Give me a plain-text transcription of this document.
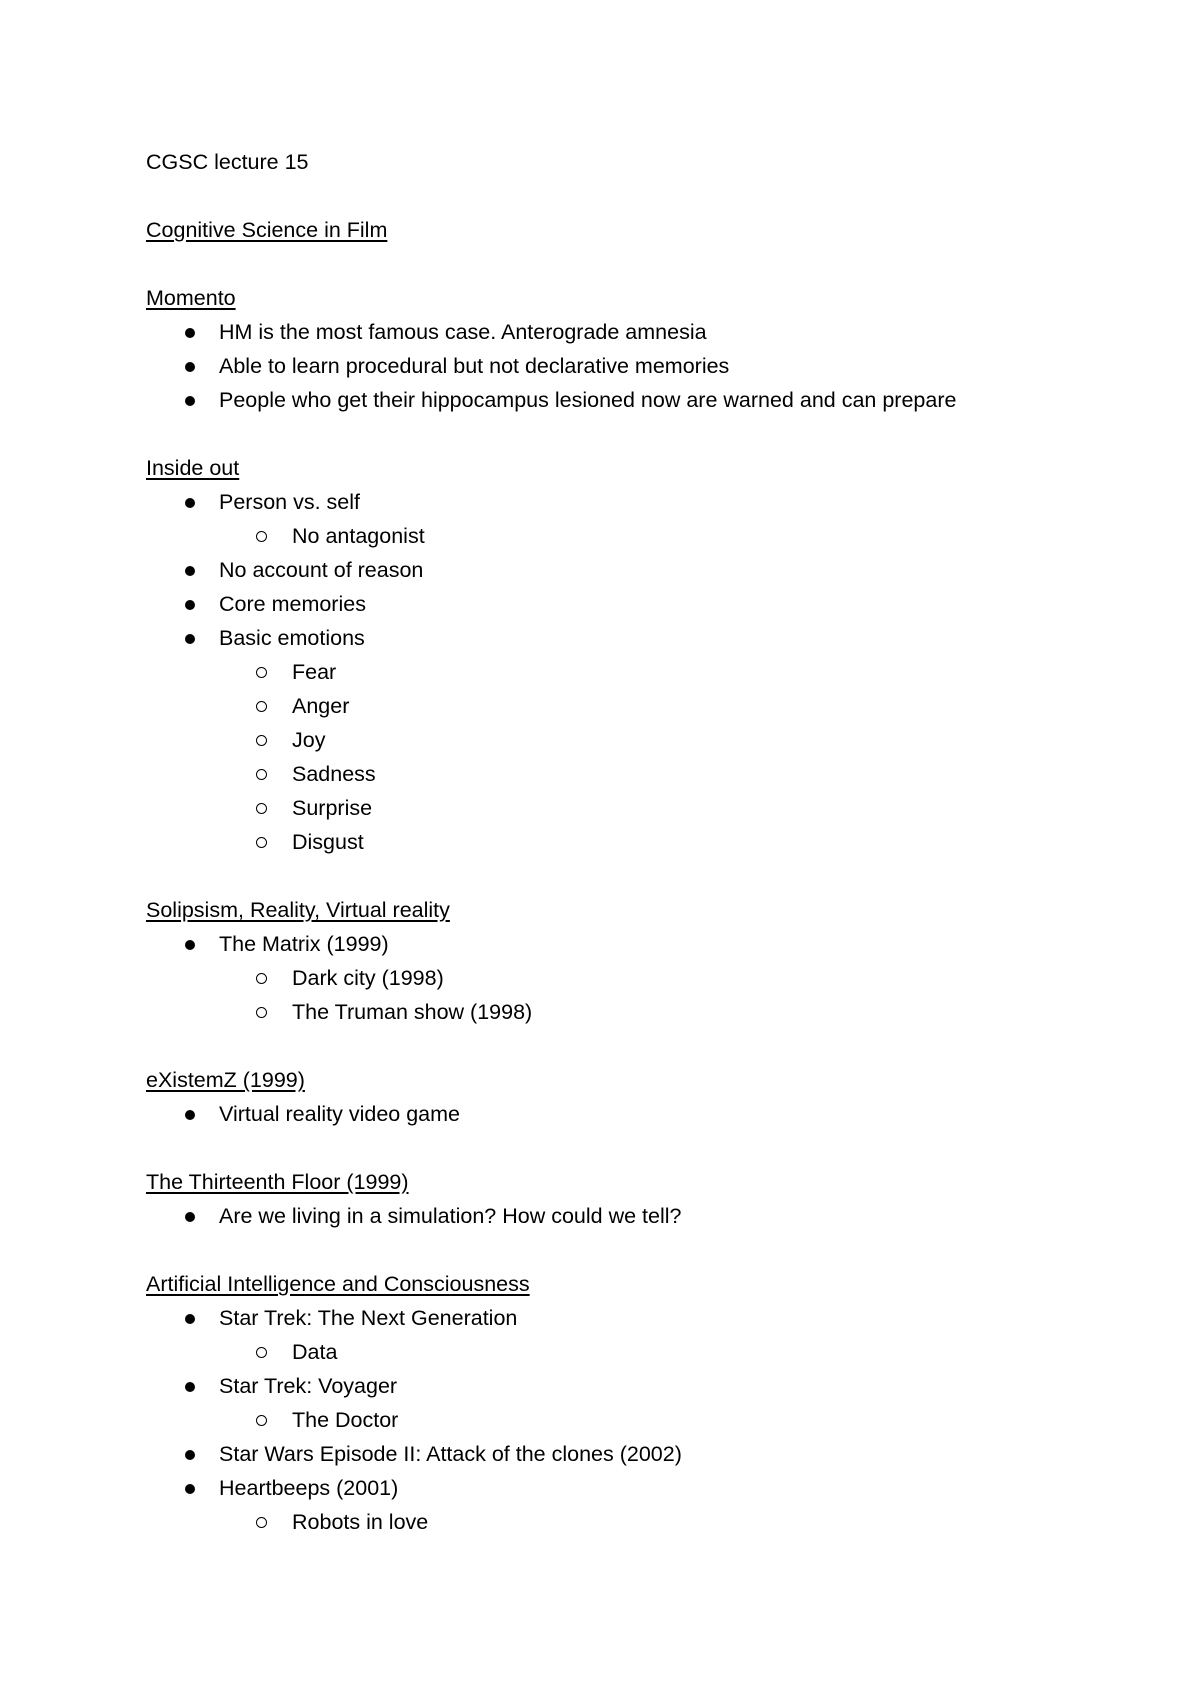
CGSC lecture 15
Cognitive Science in Film
Momento
HM is the most famous case. Anterograde amnesia
Able to learn procedural but not declarative memories
People who get their hippocampus lesioned now are warned and can prepare
Inside out
Person vs. self
No antagonist
No account of reason
Core memories
Basic emotions
Fear
Anger
Joy
Sadness
Surprise
Disgust
Solipsism, Reality, Virtual reality
The Matrix (1999)
Dark city (1998)
The Truman show (1998)
eXistemZ (1999)
Virtual reality video game
The Thirteenth Floor (1999)
Are we living in a simulation? How could we tell?
Artificial Intelligence and Consciousness
Star Trek: The Next Generation
Data
Star Trek: Voyager
The Doctor
Star Wars Episode II: Attack of the clones (2002)
Heartbeeps (2001)
Robots in love
